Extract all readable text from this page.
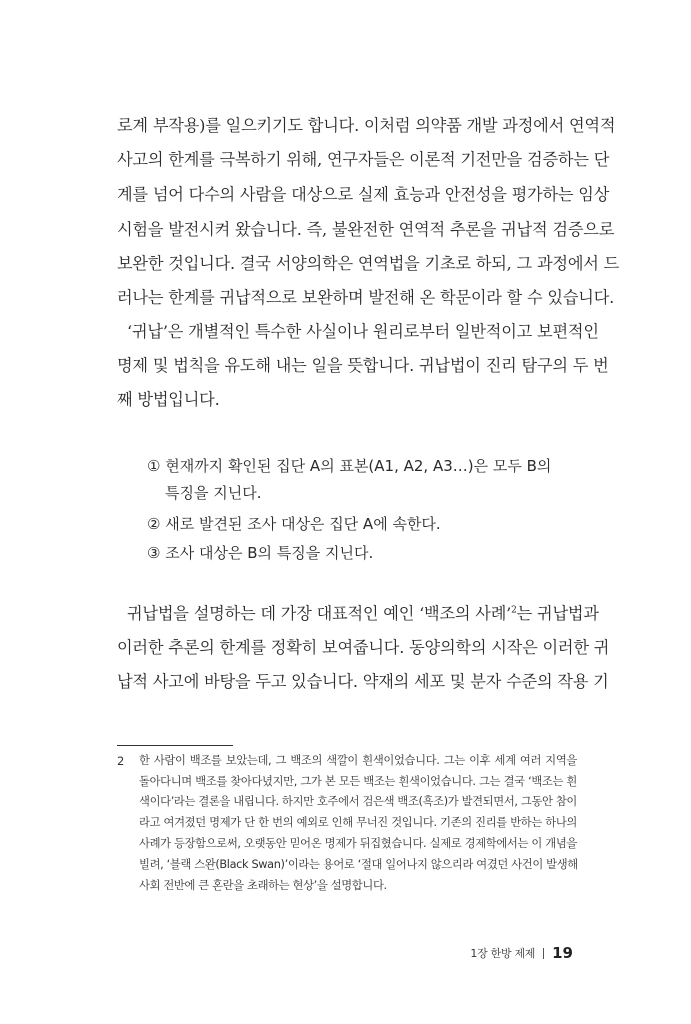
로계 부작용)를 일으키기도 합니다. 이처럼 의약품 개발 과정에서 연역적
사고의 한계를 극복하기 위해, 연구자들은 이론적 기전만을 검증하는 단
계를 넘어 다수의 사람을 대상으로 실제 효능과 안전성을 평가하는 임상
시험을 발전시켜 왔습니다. 즉, 불완전한 연역적 추론을 귀납적 검증으로
보완한 것입니다. 결국 서양의학은 연역법을 기초로 하되, 그 과정에서 드
러나는 한계를 귀납적으로 보완하며 발전해 온 학문이라 할 수 있습니다.
‘귀납’은 개별적인 특수한 사실이나 원리로부터 일반적이고 보편적인
명제 및 법칙을 유도해 내는 일을 뜻합니다. 귀납법이 진리 탐구의 두 번
째 방법입니다.
① 현재까지 확인된 집단 A의 표본(A1, A2, A3…)은 모두 B의
특징을 지닌다.
② 새로 발견된 조사 대상은 집단 A에 속한다.
③ 조사 대상은 B의 특징을 지닌다.
귀납법을 설명하는 데 가장 대표적인 예인 ‘백조의 사례’$^2$는 귀납법과
이러한 추론의 한계를 정확히 보여줍니다. 동양의학의 시작은 이러한 귀
납적 사고에 바탕을 두고 있습니다. 약재의 세포 및 분자 수준의 작용 기
2 한 사람이 백조를 보았는데, 그 백조의 색깔이 흰색이었습니다. 그는 이후 세계 여러 지역을
돌아다니며 백조를 찾아다녔지만, 그가 본 모든 백조는 흰색이었습니다. 그는 결국 ‘백조는 흰
색이다’라는 결론을 내립니다. 하지만 호주에서 검은색 백조(흑조)가 발견되면서, 그동안 참이
라고 여겨졌던 명제가 단 한 번의 예외로 인해 무너진 것입니다. 기존의 진리를 반하는 하나의
사례가 등장함으로써, 오랫동안 믿어온 명제가 뒤집혔습니다. 실제로 경제학에서는 이 개념을
빌려, ‘블랙 스완(Black Swan)’이라는 용어로 ‘절대 일어나지 않으리라 여겼던 사건이 발생해
사회 전반에 큰 혼란을 초래하는 현상’을 설명합니다.
1장 한방 제제 19
